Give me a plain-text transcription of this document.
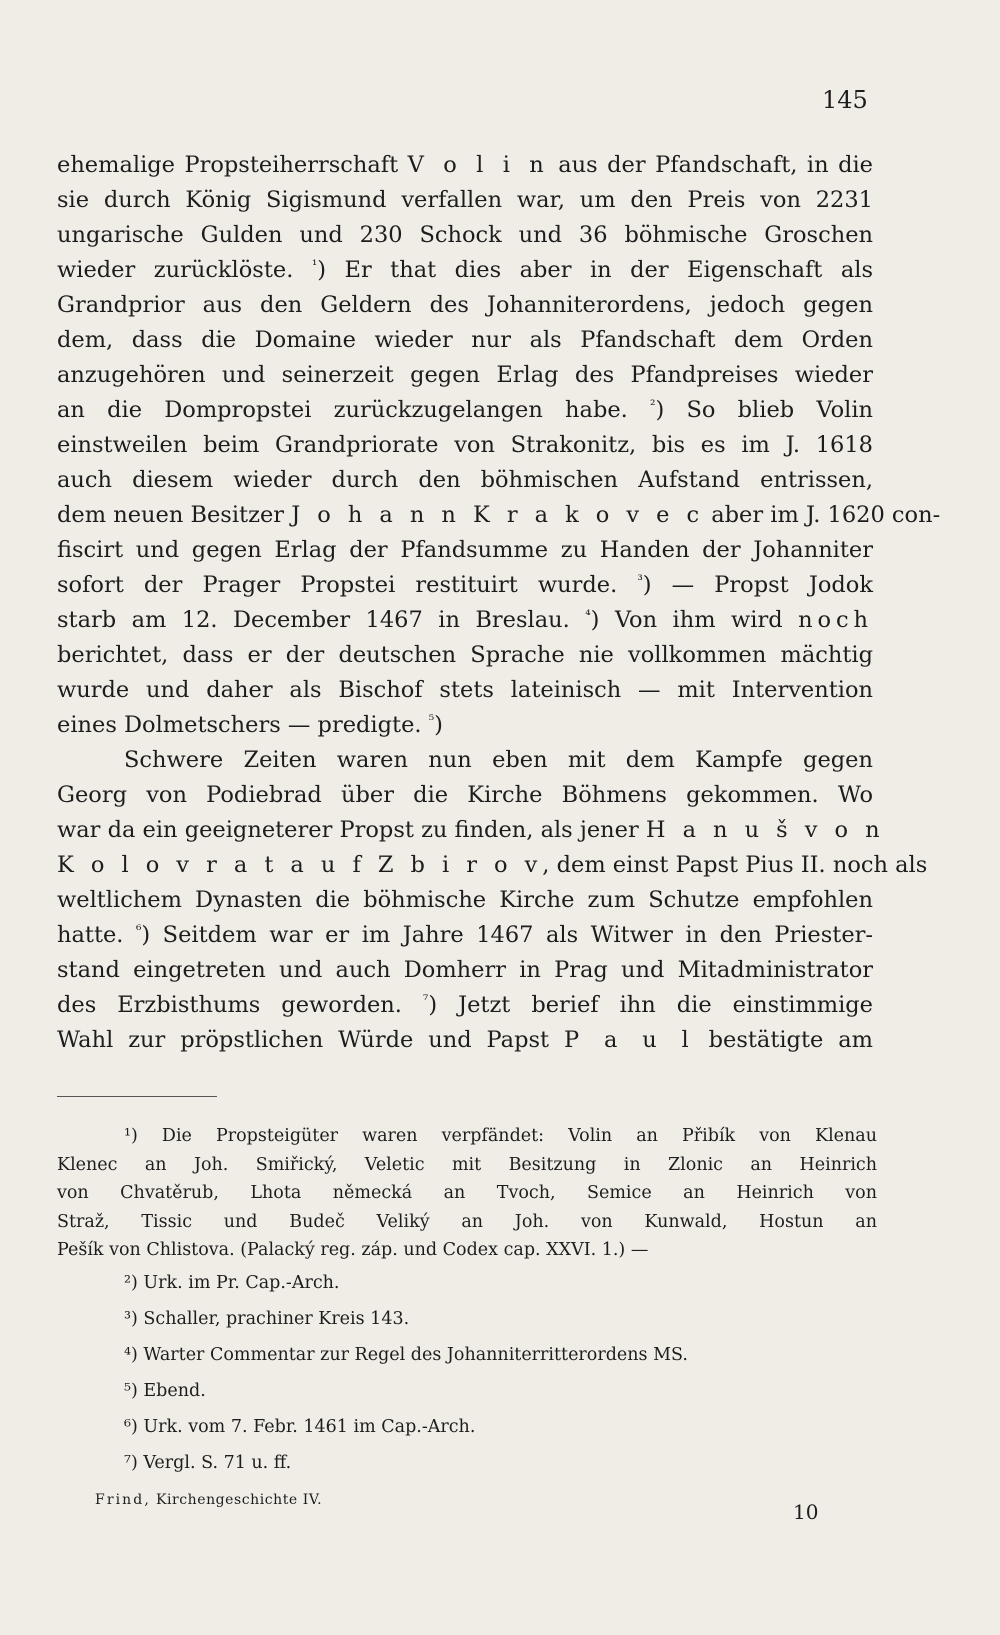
145

ehemalige Propsteiherrschaft V o l i n aus der Pfandschaft, in die
sie durch König Sigismund verfallen war, um den Preis von 2231
ungarische Gulden und 230 Schock und 36 böhmische Groschen
wieder zurücklöste. $^{^1}$) Er that dies aber in der Eigenschaft als
Grandprior aus den Geldern des Johanniterordens, jedoch gegen
dem, dass die Domaine wieder nur als Pfandschaft dem Orden
anzugehören und seinerzeit gegen Erlag des Pfandpreises wieder
an die Dompropstei zurückzugelangen habe. $^{^2}$) So blieb Volin
einstweilen beim Grandpriorate von Strakonitz, bis es im J. 1618
auch diesem wieder durch den böhmischen Aufstand entrissen,
dem neuen Besitzer J o h a n n K r a k o v e c aber im J. 1620 con-
fiscirt und gegen Erlag der Pfandsumme zu Handen der Johanniter
sofort der Prager Propstei restituirt wurde. $^{^3}$) — Propst Jodok
starb am 12. December 1467 in Breslau. $^{^4}$) Von ihm wird noch
berichtet, dass er der deutschen Sprache nie vollkommen mächtig
wurde und daher als Bischof stets lateinisch — mit Intervention
eines Dolmetschers — predigte. $^{^5}$)

Schwere Zeiten waren nun eben mit dem Kampfe gegen
Georg von Podiebrad über die Kirche Böhmens gekommen. Wo
war da ein geeigneterer Propst zu finden, als jener H a n u š v o n
K o l o v r a t a u f Z b i r o v, dem einst Papst Pius II. noch als
weltlichem Dynasten die böhmische Kirche zum Schutze empfohlen
hatte. $^{^6}$) Seitdem war er im Jahre 1467 als Witwer in den Priester-
stand eingetreten und auch Domherr in Prag und Mitadministrator
des Erzbisthums geworden. $^{^7}$) Jetzt berief ihn die einstimmige
Wahl zur pröpstlichen Würde und Papst P a u l bestätigte am

¹) Die Propsteigüter waren verpfändet: Volin an Přibík von Klenau
Klenec an Joh. Smiřický, Veletic mit Besitzung in Zlonic an Heinrich
von Chvatěrub, Lhota německá an Tvoch, Semice an Heinrich von
Straž, Tissic und Budeč Veliký an Joh. von Kunwald, Hostun an
Pešík von Chlistova. (Palacký reg. záp. und Codex cap. XXVI. 1.) —
²) Urk. im Pr. Cap.-Arch.
³) Schaller, prachiner Kreis 143.
⁴) Warter Commentar zur Regel des Johanniterritterordens MS.
⁵) Ebend.
⁶) Urk. vom 7. Febr. 1461 im Cap.-Arch.
⁷) Vergl. S. 71 u. ff.
Frind, Kirchengeschichte IV.	10
